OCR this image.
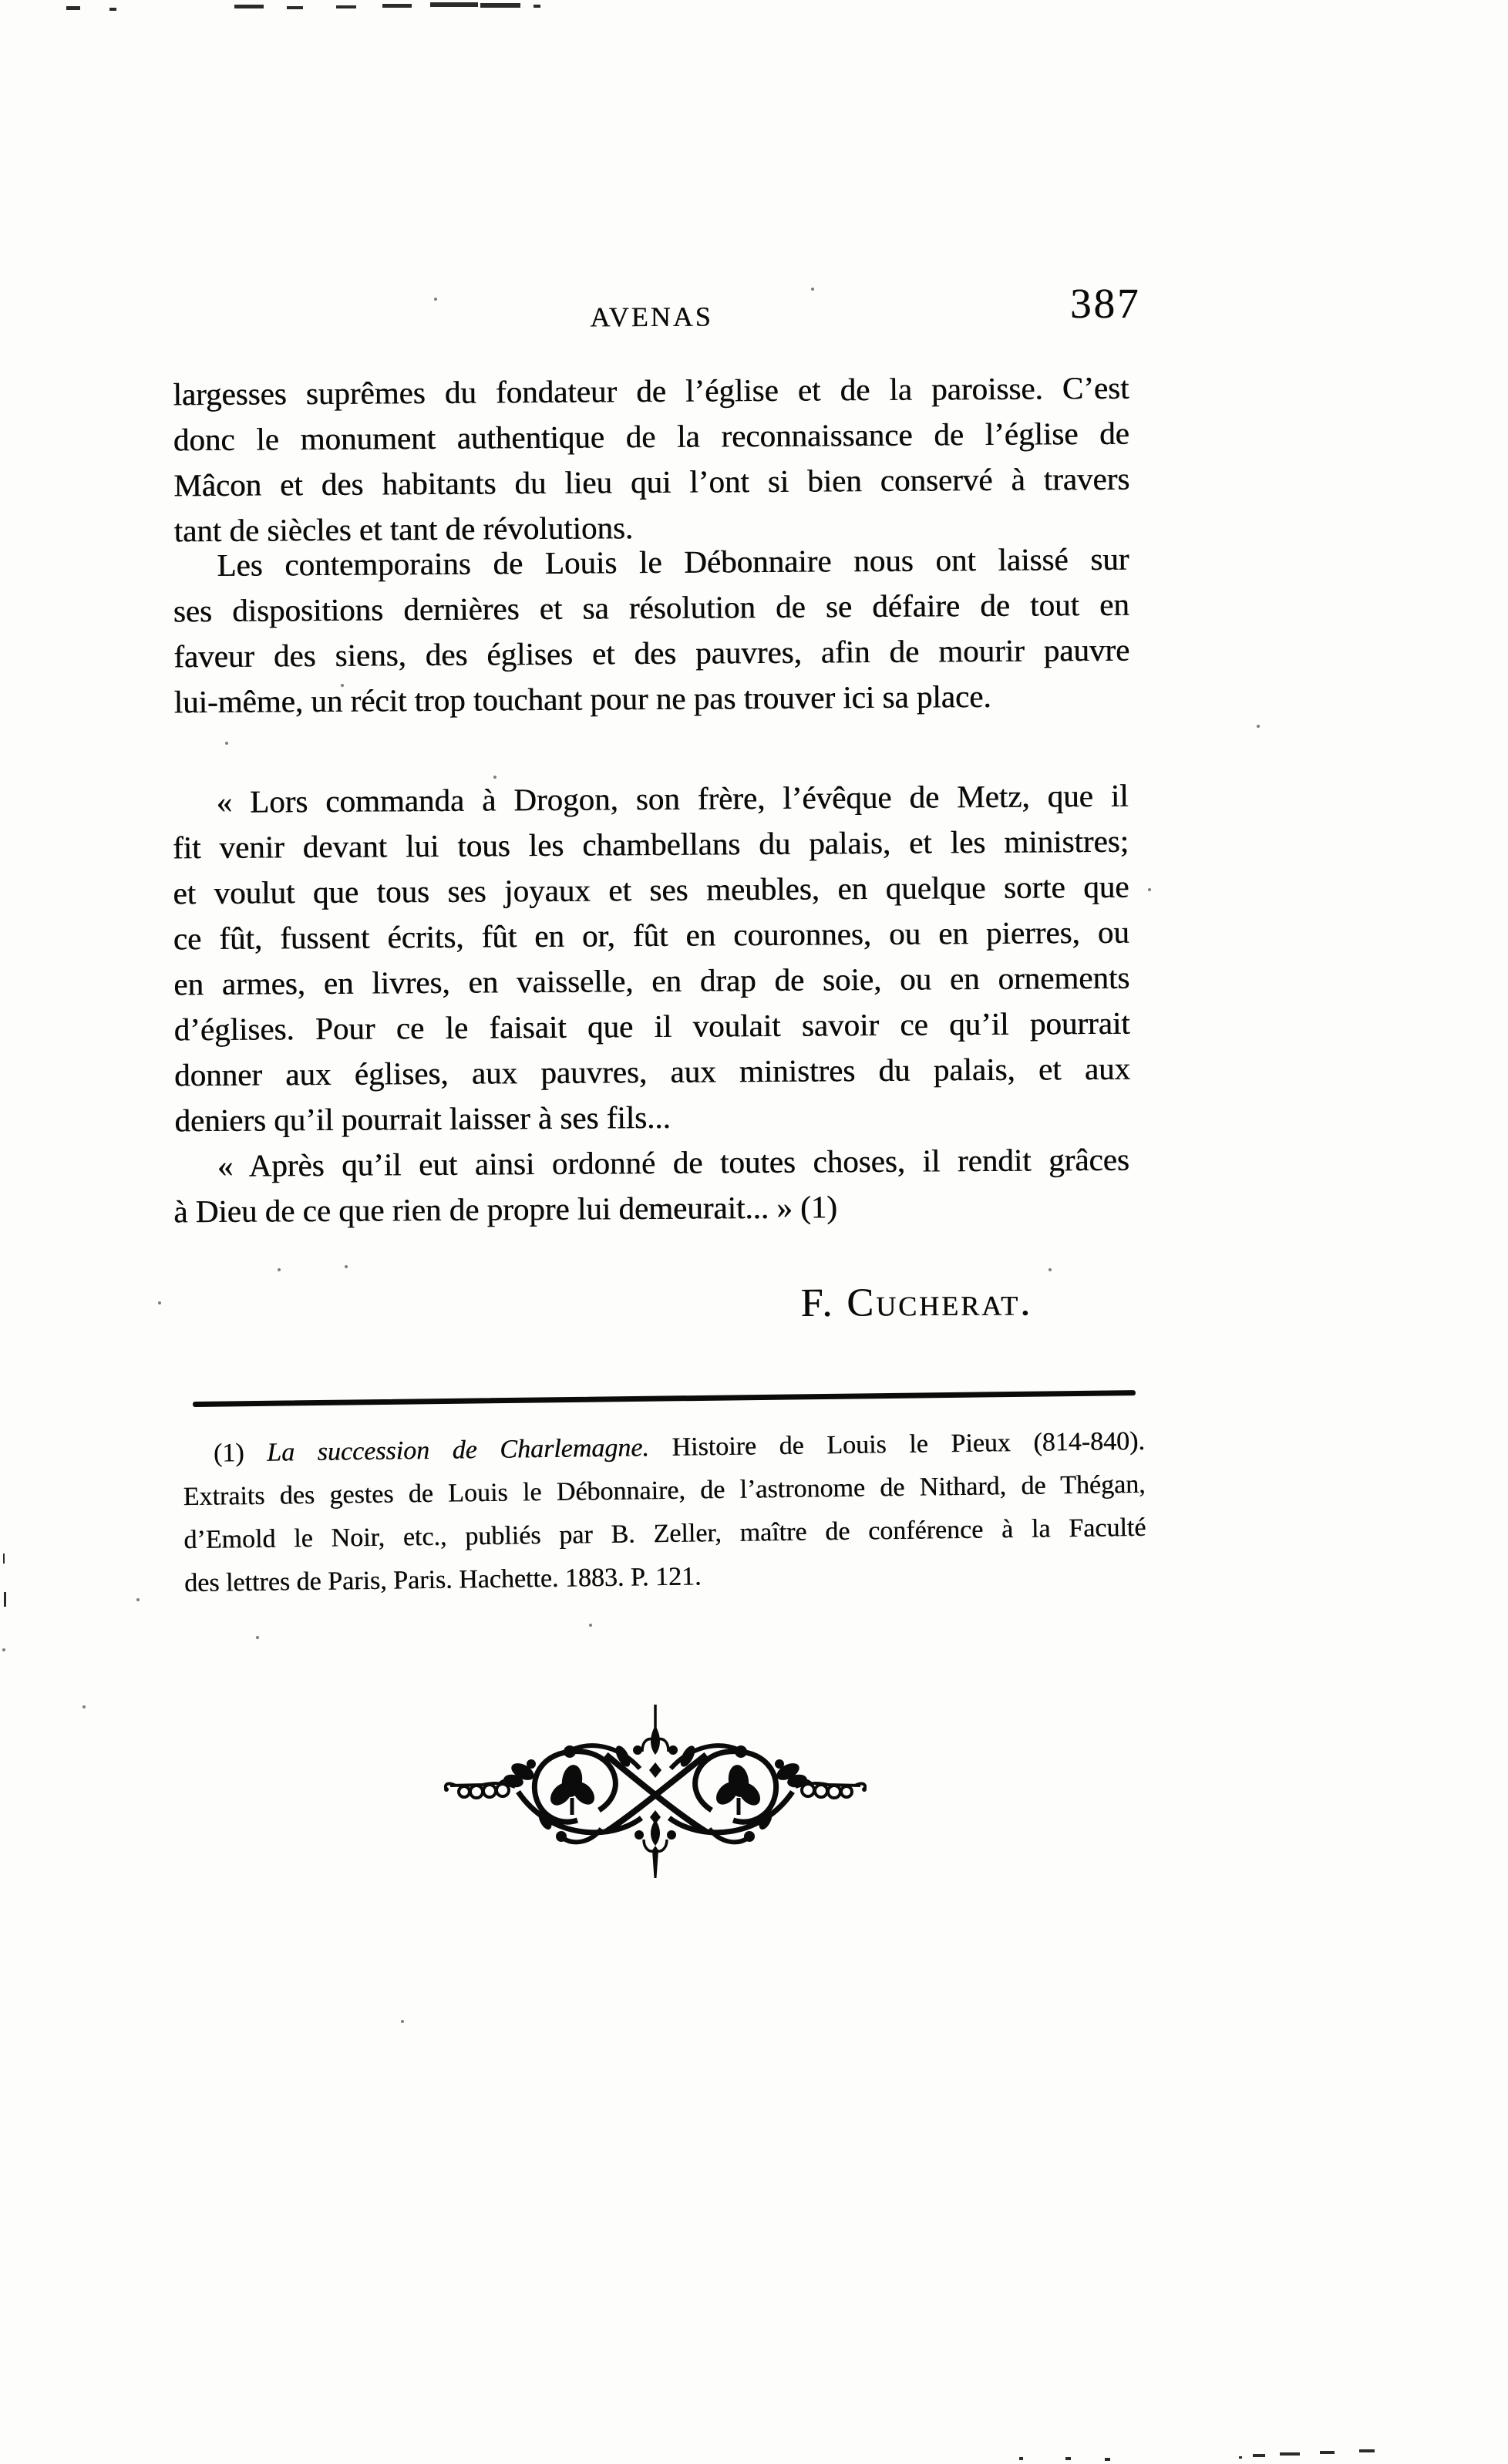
AVENAS	387
largesses suprêmes du fondateur de l’église et de la paroisse. C’est
donc le monument authentique de la reconnaissance de l’église de
Mâcon et des habitants du lieu qui l’ont si bien conservé à travers
tant de siècles et tant de révolutions.
Les contemporains de Louis le Débonnaire nous ont laissé sur
ses dispositions dernières et sa résolution de se défaire de tout en
faveur des siens, des églises et des pauvres, afin de mourir pauvre
lui-même, un récit trop touchant pour ne pas trouver ici sa place.
« Lors commanda à Drogon, son frère, l’évêque de Metz, que il
fit venir devant lui tous les chambellans du palais, et les ministres;
et voulut que tous ses joyaux et ses meubles, en quelque sorte que
ce fût, fussent écrits, fût en or, fût en couronnes, ou en pierres, ou
en armes, en livres, en vaisselle, en drap de soie, ou en ornements
d’églises. Pour ce le faisait que il voulait savoir ce qu’il pourrait
donner aux églises, aux pauvres, aux ministres du palais, et aux
deniers qu’il pourrait laisser à ses fils...
« Après qu’il eut ainsi ordonné de toutes choses, il rendit grâces
à Dieu de ce que rien de propre lui demeurait... » (1)
F. Cucherat.
(1) La succession de Charlemagne. Histoire de Louis le Pieux (814-840).
Extraits des gestes de Louis le Débonnaire, de l’astronome de Nithard, de Thégan,
d’Emold le Noir, etc., publiés par B. Zeller, maître de conférence à la Faculté
des lettres de Paris, Paris. Hachette. 1883. P. 121.
